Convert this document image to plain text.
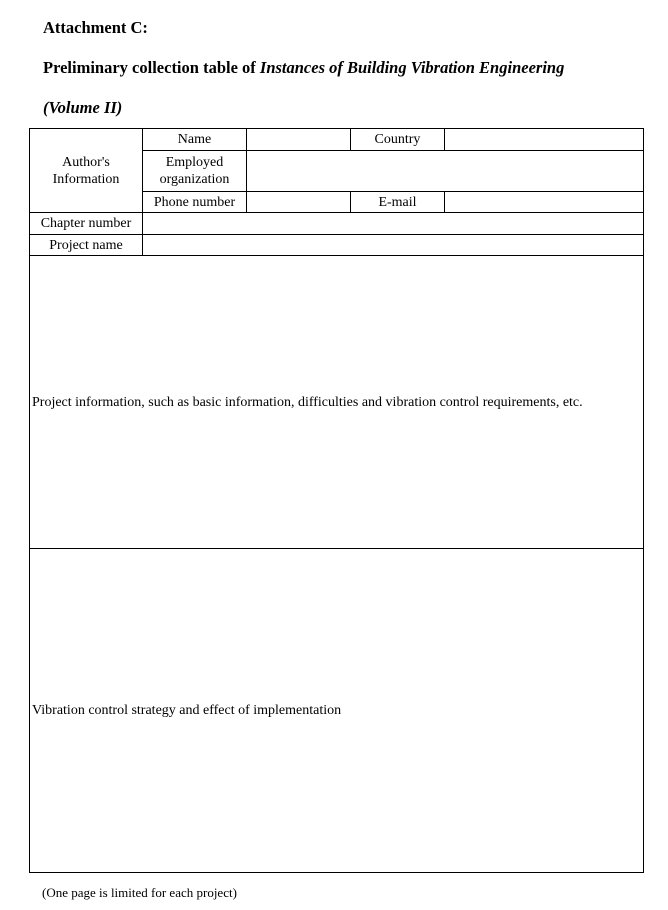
Attachment C:

Preliminary collection table of Instances of Building Vibration Engineering

(Volume II)

Author's Information	Name		Country	
	Employed organization			
	Phone number		E-mail	
Chapter number				
Project name				
Project information, such as basic information, difficulties and vibration control requirements, etc.				
Vibration control strategy and effect of implementation				
(One page is limited for each project)
